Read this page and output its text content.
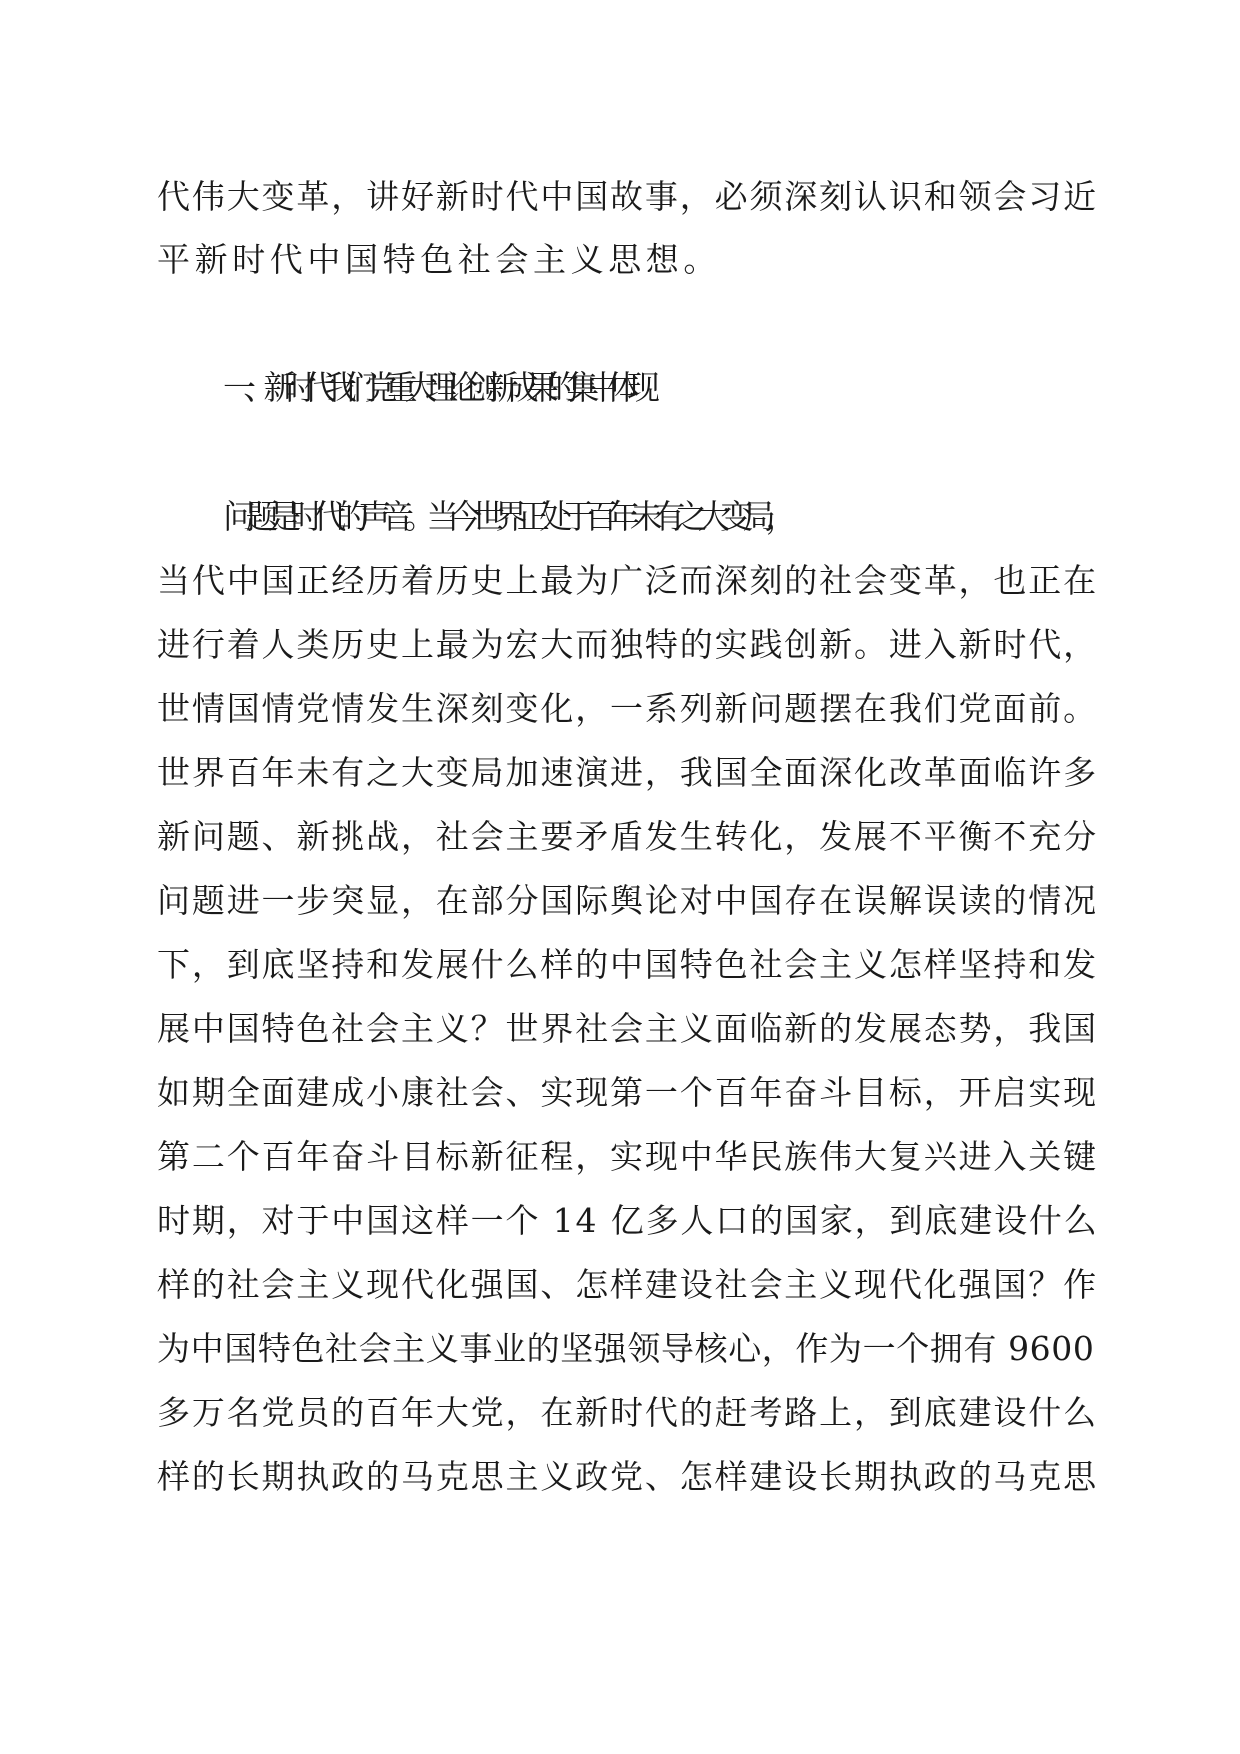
代伟大变革，讲好新时代中国故事，必须深刻认识和领会习近
平新时代中国特色社会主义思想。
一、新时代我们党重大理论创新成果的集中体现
问题是时代的声音。当今世界正处于百年未有之大变局，
当代中国正经历着历史上最为广泛而深刻的社会变革，也正在
进行着人类历史上最为宏大而独特的实践创新。进入新时代，
世情国情党情发生深刻变化，一系列新问题摆在我们党面前。
世界百年未有之大变局加速演进，我国全面深化改革面临许多
新问题、新挑战，社会主要矛盾发生转化，发展不平衡不充分
问题进一步突显，在部分国际舆论对中国存在误解误读的情况
下，到底坚持和发展什么样的中国特色社会主义怎样坚持和发
展中国特色社会主义？世界社会主义面临新的发展态势，我国
如期全面建成小康社会、实现第一个百年奋斗目标，开启实现
第二个百年奋斗目标新征程，实现中华民族伟大复兴进入关键
时期，对于中国这样一个 14 亿多人口的国家，到底建设什么
样的社会主义现代化强国、怎样建设社会主义现代化强国？作
为中国特色社会主义事业的坚强领导核心，作为一个拥有 9600
多万名党员的百年大党，在新时代的赶考路上，到底建设什么
样的长期执政的马克思主义政党、怎样建设长期执政的马克思
